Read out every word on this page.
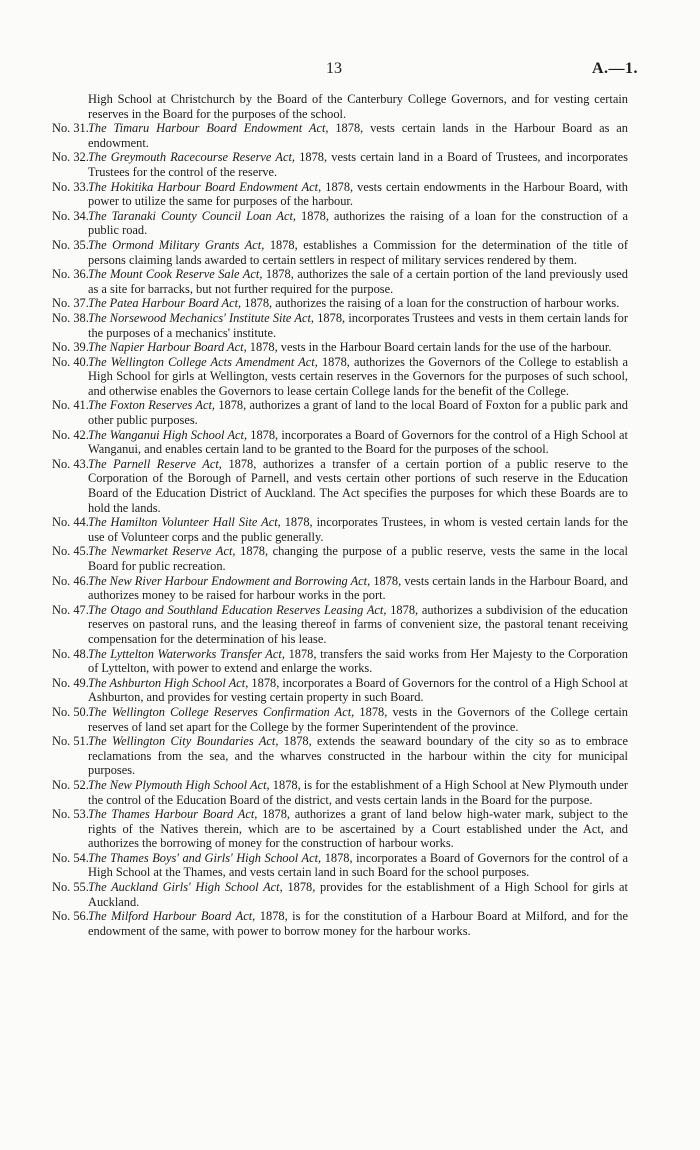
13	A.—1.

High School at Christchurch by the Board of the Canterbury College Governors, and for vesting certain reserves in the Board for the purposes of the school.

No. 31. The Timaru Harbour Board Endowment Act, 1878, vests certain lands in the Harbour Board as an endowment.
No. 32. The Greymouth Racecourse Reserve Act, 1878, vests certain land in a Board of Trustees, and incorporates Trustees for the control of the reserve.
No. 33. The Hokitika Harbour Board Endowment Act, 1878, vests certain endowments in the Harbour Board, with power to utilize the same for purposes of the harbour.
No. 34. The Taranaki County Council Loan Act, 1878, authorizes the raising of a loan for the construction of a public road.
No. 35. The Ormond Military Grants Act, 1878, establishes a Commission for the determination of the title of persons claiming lands awarded to certain settlers in respect of military services rendered by them.
No. 36. The Mount Cook Reserve Sale Act, 1878, authorizes the sale of a certain portion of the land previously used as a site for barracks, but not further required for the purpose.
No. 37. The Patea Harbour Board Act, 1878, authorizes the raising of a loan for the construction of harbour works.
No. 38. The Norsewood Mechanics' Institute Site Act, 1878, incorporates Trustees and vests in them certain lands for the purposes of a mechanics' institute.
No. 39. The Napier Harbour Board Act, 1878, vests in the Harbour Board certain lands for the use of the harbour.
No. 40. The Wellington College Acts Amendment Act, 1878, authorizes the Governors of the College to establish a High School for girls at Wellington, vests certain reserves in the Governors for the purposes of such school, and otherwise enables the Governors to lease certain College lands for the benefit of the College.
No. 41. The Foxton Reserves Act, 1878, authorizes a grant of land to the local Board of Foxton for a public park and other public purposes.
No. 42. The Wanganui High School Act, 1878, incorporates a Board of Governors for the control of a High School at Wanganui, and enables certain land to be granted to the Board for the purposes of the school.
No. 43. The Parnell Reserve Act, 1878, authorizes a transfer of a certain portion of a public reserve to the Corporation of the Borough of Parnell, and vests certain other portions of such reserve in the Education Board of the Education District of Auckland. The Act specifies the purposes for which these Boards are to hold the lands.
No. 44. The Hamilton Volunteer Hall Site Act, 1878, incorporates Trustees, in whom is vested certain lands for the use of Volunteer corps and the public generally.
No. 45. The Newmarket Reserve Act, 1878, changing the purpose of a public reserve, vests the same in the local Board for public recreation.
No. 46. The New River Harbour Endowment and Borrowing Act, 1878, vests certain lands in the Harbour Board, and authorizes money to be raised for harbour works in the port.
No. 47. The Otago and Southland Education Reserves Leasing Act, 1878, authorizes a subdivision of the education reserves on pastoral runs, and the leasing thereof in farms of convenient size, the pastoral tenant receiving compensation for the determination of his lease.
No. 48. The Lyttelton Waterworks Transfer Act, 1878, transfers the said works from Her Majesty to the Corporation of Lyttelton, with power to extend and enlarge the works.
No. 49. The Ashburton High School Act, 1878, incorporates a Board of Governors for the control of a High School at Ashburton, and provides for vesting certain property in such Board.
No. 50. The Wellington College Reserves Confirmation Act, 1878, vests in the Governors of the College certain reserves of land set apart for the College by the former Superintendent of the province.
No. 51. The Wellington City Boundaries Act, 1878, extends the seaward boundary of the city so as to embrace reclamations from the sea, and the wharves constructed in the harbour within the city for municipal purposes.
No. 52. The New Plymouth High School Act, 1878, is for the establishment of a High School at New Plymouth under the control of the Education Board of the district, and vests certain lands in the Board for the purpose.
No. 53. The Thames Harbour Board Act, 1878, authorizes a grant of land below high-water mark, subject to the rights of the Natives therein, which are to be ascertained by a Court established under the Act, and authorizes the borrowing of money for the construction of harbour works.
No. 54. The Thames Boys' and Girls' High School Act, 1878, incorporates a Board of Governors for the control of a High School at the Thames, and vests certain land in such Board for the school purposes.
No. 55. The Auckland Girls' High School Act, 1878, provides for the establishment of a High School for girls at Auckland.
No. 56. The Milford Harbour Board Act, 1878, is for the constitution of a Harbour Board at Milford, and for the endowment of the same, with power to borrow money for the harbour works.
